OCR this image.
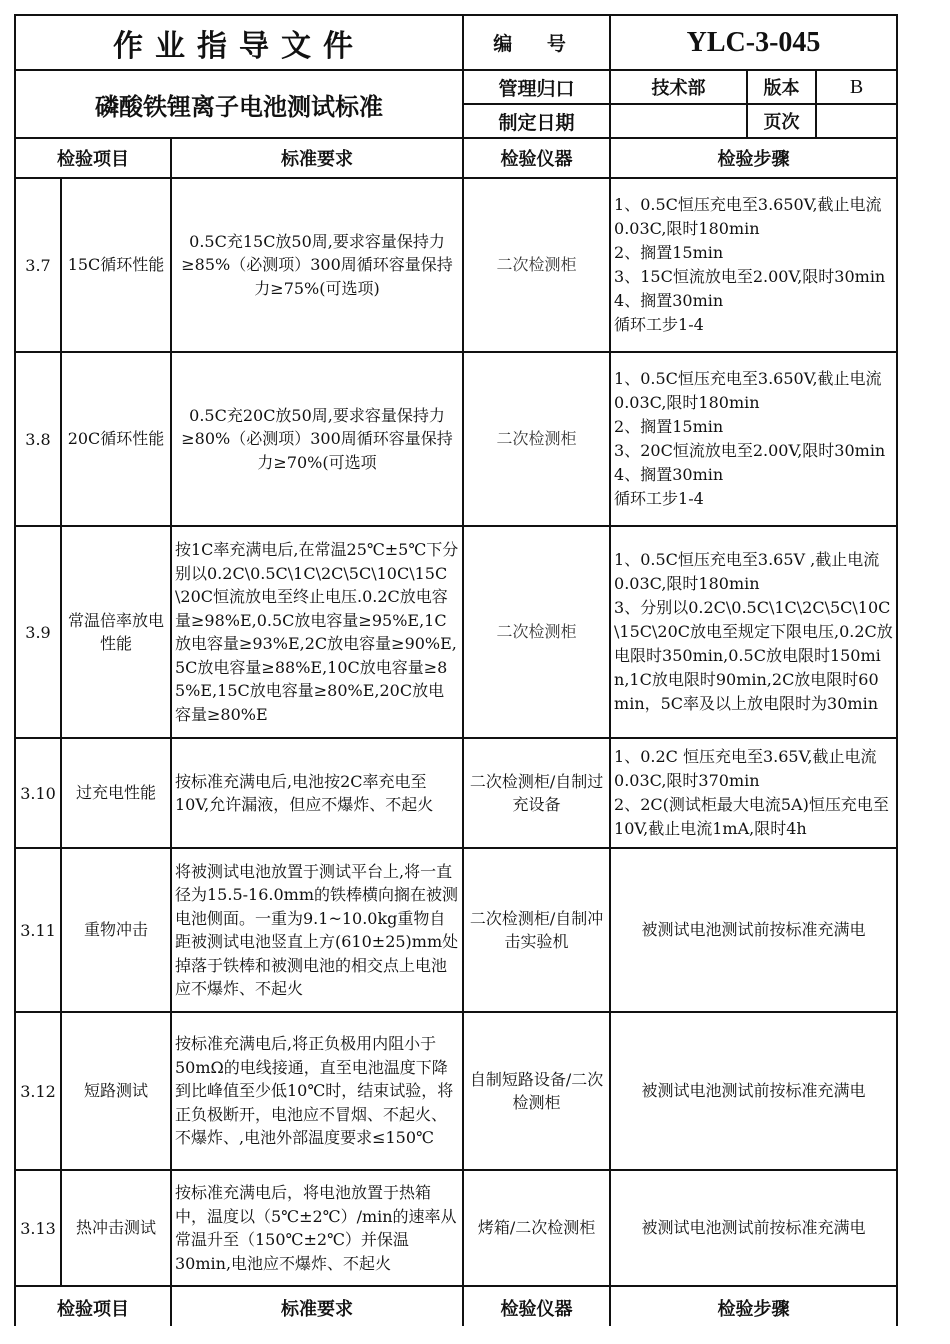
作业指导文件			编 号	YLC-3-045		
磷酸铁锂离子电池测试标准			管理归口	技术部	版本	B
			制定日期		页次	
检验项目		标准要求	检验仪器	检验步骤		
3.7	15C循环性能	0.5C充15C放50周,要求容量保持力≥85%（必测项）300周循环容量保持力≥75%(可选项)	二次检测柜	1、0.5C恒压充电至3.650V,截止电流0.03C,限时180min
2、搁置15min
3、15C恒流放电至2.00V,限时30min
4、搁置30min
循环工步1-4		

3.8	20C循环性能	0.5C充20C放50周,要求容量保持力≥80%（必测项）300周循环容量保持力≥70%(可选项	二次检测柜	1、0.5C恒压充电至3.650V,截止电流0.03C,限时180min
2、搁置15min
3、20C恒流放电至2.00V,限时30min
4、搁置30min
循环工步1-4		

3.9	常温倍率放电性能	按1C率充满电后,在常温25℃±5℃下分别以0.2C\0.5C\1C\2C\5C\10C\15C\20C恒流放电至终止电压.0.2C放电容量≥98%E,0.5C放电容量≥95%E,1C放电容量≥93%E,2C放电容量≥90%E,5C放电容量≥88%E,10C放电容量≥85%E,15C放电容量≥80%E,20C放电容量≥80%E	二次检测柜	1、0.5C恒压充电至3.65V ,截止电流0.03C,限时180min
3、分别以0.2C\0.5C\1C\2C\5C\10C\15C\20C放电至规定下限电压,0.2C放电限时350min,0.5C放电限时150min,1C放电限时90min,2C放电限时60min，5C率及以上放电限时为30min		

3.10	过充电性能	按标准充满电后,电池按2C率充电至10V,允许漏液，但应不爆炸、不起火	二次检测柜/自制过充设备	1、0.2C 恒压充电至3.65V,截止电流0.03C,限时370min
2、2C(测试柜最大电流5A)恒压充电至10V,截止电流1mA,限时4h		

3.11	重物冲击	将被测试电池放置于测试平台上,将一直径为15.5-16.0mm的铁棒横向搁在被测电池侧面。一重为9.1~10.0kg重物自距被测试电池竖直上方(610±25)mm处掉落于铁棒和被测电池的相交点上电池应不爆炸、不起火	二次检测柜/自制冲击实验机	被测试电池测试前按标准充满电		

3.12	短路测试	按标准充满电后,将正负极用内阻小于50mΩ的电线接通，直至电池温度下降到比峰值至少低10℃时，结束试验，将正负极断开，电池应不冒烟、不起火、不爆炸、,电池外部温度要求≤150℃	自制短路设备/二次检测柜	被测试电池测试前按标准充满电		

3.13	热冲击测试	按标准充满电后，将电池放置于热箱中，温度以（5℃±2℃）/min的速率从常温升至（150℃±2℃）并保温30min,电池应不爆炸、不起火	烤箱/二次检测柜	被测试电池测试前按标准充满电		

检验项目		标准要求	检验仪器	检验步骤		
